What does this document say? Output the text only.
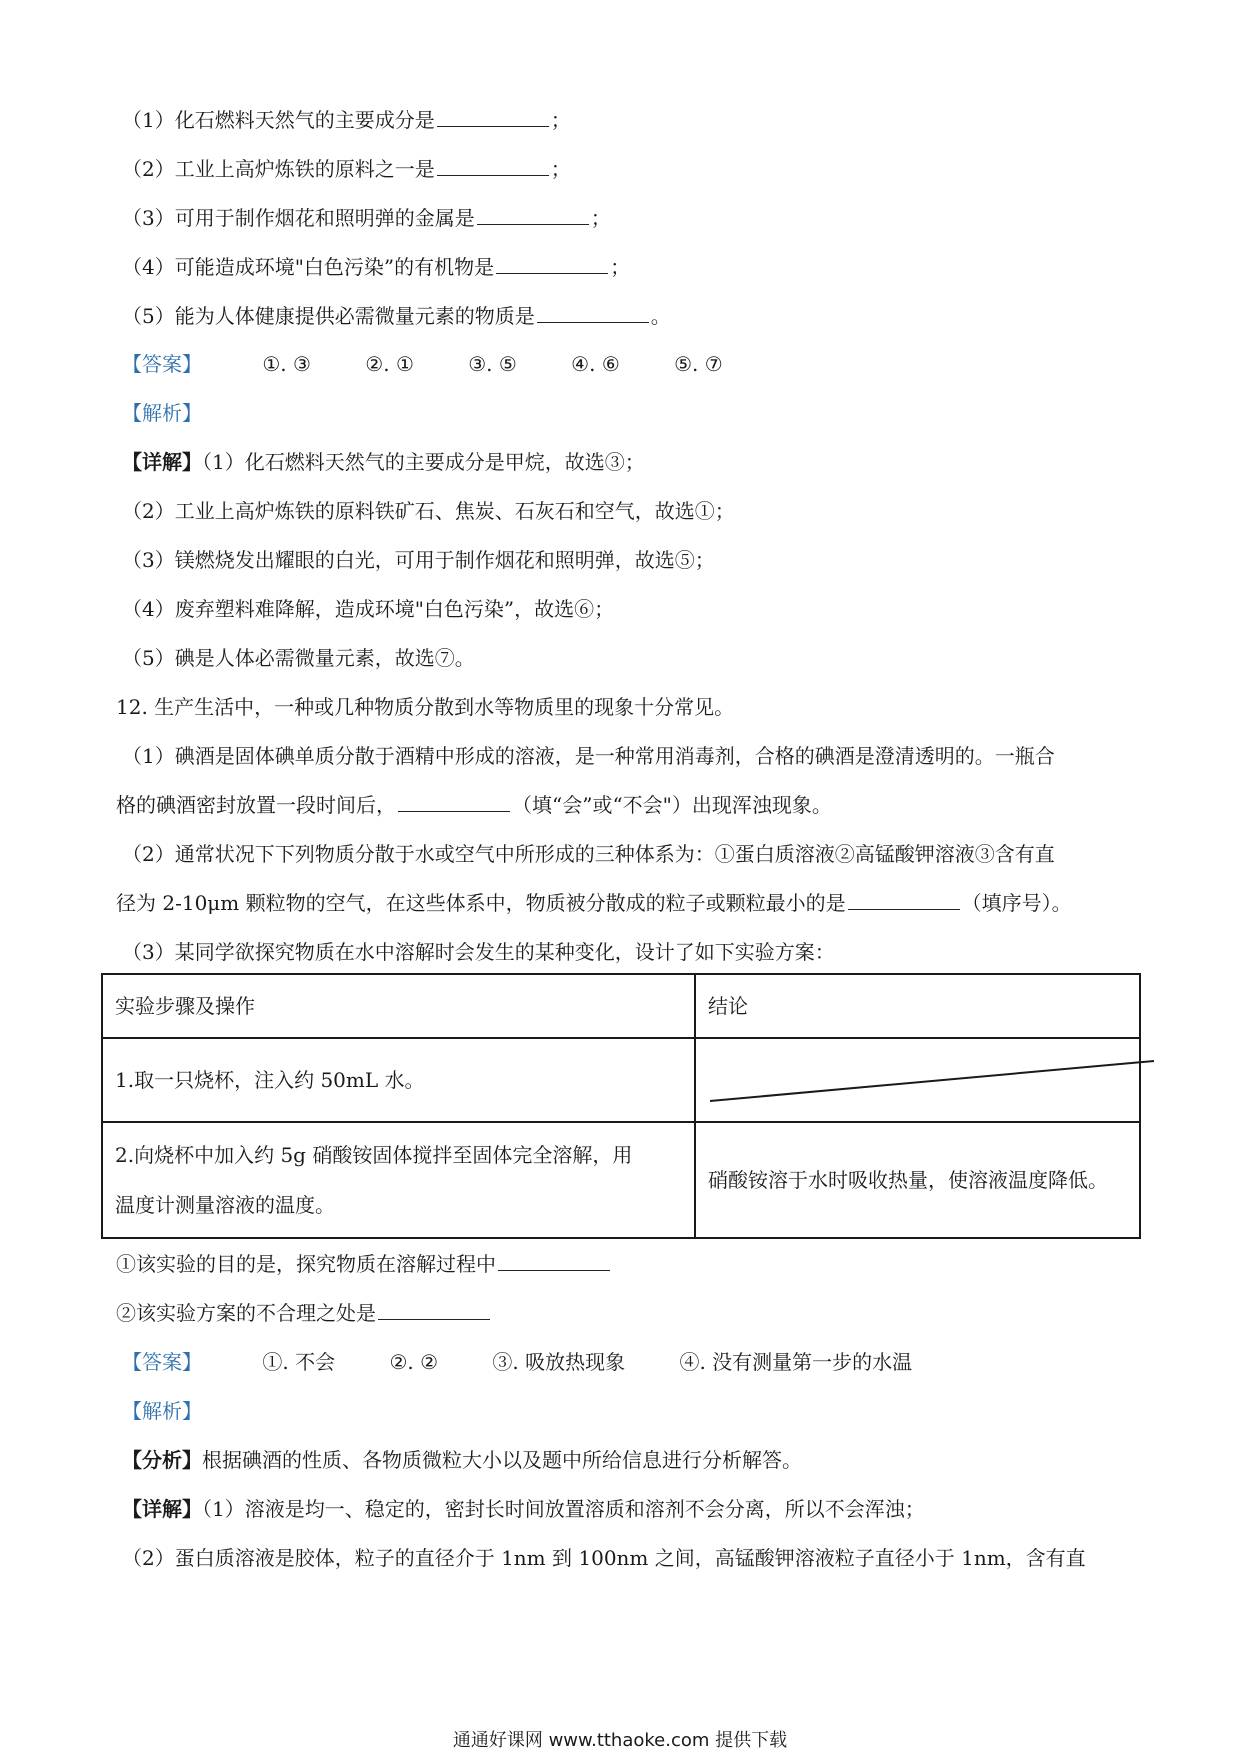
（1）化石燃料天然气的主要成分是	；
（2）工业上高炉炼铁的原料之一是	；
（3）可用于制作烟花和照明弹的金属是	；
（4）可能造成环境"白色污染”的有机物是	；
（5）能为人体健康提供必需微量元素的物质是	。
【答案】	①. ③	②. ①	③. ⑤	④. ⑥	⑤. ⑦
【解析】
【详解】（1）化石燃料天然气的主要成分是甲烷，故选③；
（2）工业上高炉炼铁的原料铁矿石、焦炭、石灰石和空气，故选①；
（3）镁燃烧发出耀眼的白光，可用于制作烟花和照明弹，故选⑤；
（4）废弃塑料难降解，造成环境"白色污染”，故选⑥；
（5）碘是人体必需微量元素，故选⑦。
12. 生产生活中，一种或几种物质分散到水等物质里的现象十分常见。
（1）碘酒是固体碘单质分散于酒精中形成的溶液，是一种常用消毒剂，合格的碘酒是澄清透明的。一瓶合
格的碘酒密封放置一段时间后，	（填“会”或“不会"）出现浑浊现象。
（2）通常状况下下列物质分散于水或空气中所形成的三种体系为：①蛋白质溶液②高锰酸钾溶液③含有直
径为 2-10μm 颗粒物的空气，在这些体系中，物质被分散成的粒子或颗粒最小的是	（填序号）。
（3）某同学欲探究物质在水中溶解时会发生的某种变化，设计了如下实验方案：
实验步骤及操作	结论
1.取一只烧杯，注入约 50mL 水。	

2.向烧杯中加入约 5g 硝酸铵固体搅拌至固体完全溶解，用
温度计测量溶液的温度。	硝酸铵溶于水时吸收热量，使溶液温度降低。
①该实验的目的是，探究物质在溶解过程中
②该实验方案的不合理之处是
【答案】	①. 不会	②. ②	③. 吸放热现象	④. 没有测量第一步的水温
【解析】
【分析】根据碘酒的性质、各物质微粒大小以及题中所给信息进行分析解答。
【详解】（1）溶液是均一、稳定的，密封长时间放置溶质和溶剂不会分离，所以不会浑浊；
（2）蛋白质溶液是胶体，粒子的直径介于 1nm 到 100nm 之间，高锰酸钾溶液粒子直径小于 1nm，含有直
通通好课网 www.tthaoke.com 提供下载
